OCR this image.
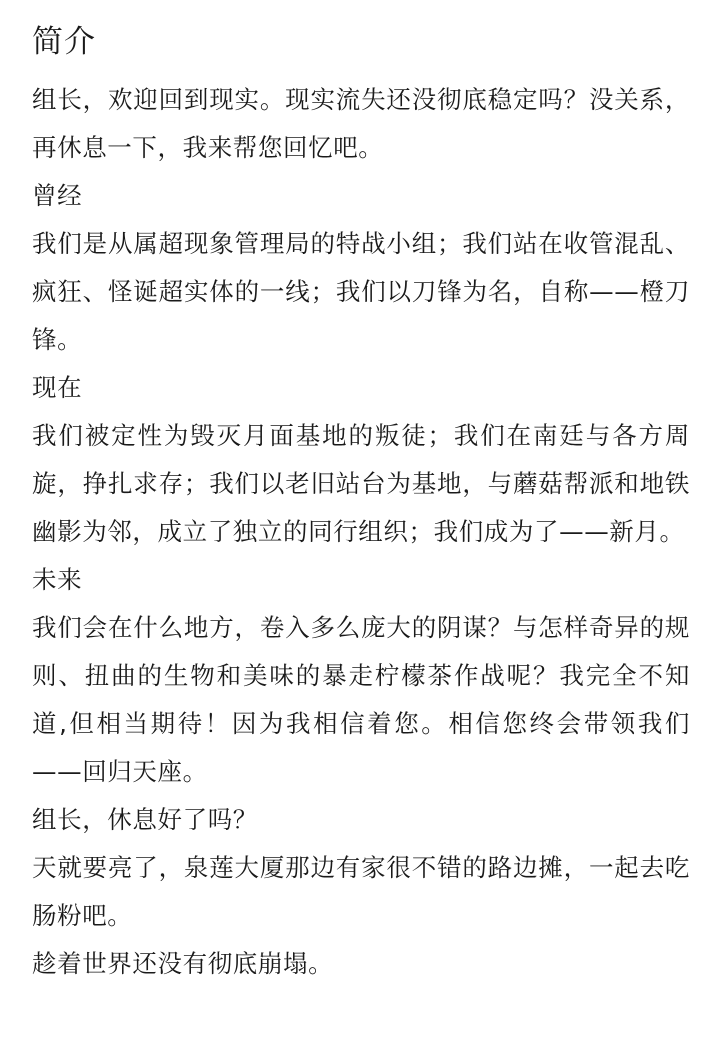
简介

组长，欢迎回到现实。现实流失还没彻底稳定吗？没关系，再休息一下，我来帮您回忆吧。

曾经

我们是从属超现象管理局的特战小组；我们站在收管混乱、疯狂、怪诞超实体的一线；我们以刀锋为名，自称——橙刀锋。

现在

我们被定性为毁灭月面基地的叛徒；我们在南廷与各方周旋，挣扎求存；我们以老旧站台为基地，与蘑菇帮派和地铁幽影为邻，成立了独立的同行组织；我们成为了——新月。

未来

我们会在什么地方，卷入多么庞大的阴谋？与怎样奇异的规则、扭曲的生物和美味的暴走柠檬茶作战呢？我完全不知道,但相当期待！因为我相信着您。相信您终会带领我们——回归天座。

组长，休息好了吗？

天就要亮了，泉莲大厦那边有家很不错的路边摊，一起去吃肠粉吧。

趁着世界还没有彻底崩塌。
